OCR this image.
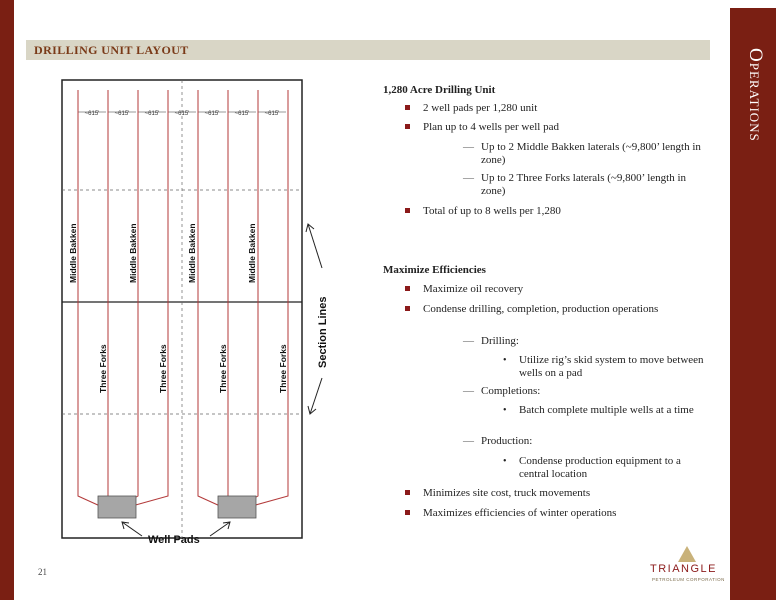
Operations
DRILLING UNIT LAYOUT
~615'	~615'	~615'	~615'	~615'	~615'	~615'
Middle Bakken	Middle Bakken	Middle Bakken	Middle Bakken
Three Forks	Three Forks	Three Forks	Three Forks
Section Lines
Well Pads
1,280 Acre Drilling Unit
2 well pads per 1,280 unit
Plan up to 4 wells per well pad
— Up to 2 Middle Bakken laterals (~9,800’ length in zone)
— Up to 2 Three Forks laterals (~9,800’ length in zone)
Total of up to 8 wells per 1,280
Maximize Efficiencies
Maximize oil recovery
Condense drilling, completion, production operations
— Drilling:
• Utilize rig’s skid system to move between wells on a pad
— Completions:
• Batch complete multiple wells at a time
— Production:
• Condense production equipment to a central location
Minimizes site cost, truck movements
Maximizes efficiencies of winter operations
21	TRIANGLE
PETROLEUM CORPORATION
